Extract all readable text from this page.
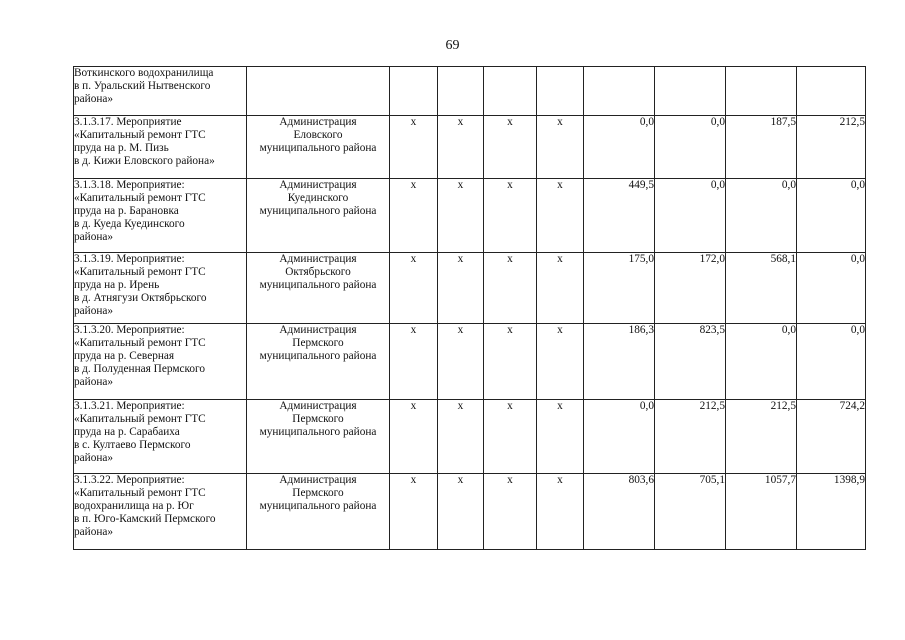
69
Воткинского водохранилища
в п. Уральский Нытвенского
района»									

3.1.3.17. Мероприятие
«Капитальный ремонт ГТС
пруда на р. М. Пизь
в д. Кижи Еловского района»	Администрация
Еловского
муниципального района	х	х	х	х	0,0	0,0	187,5	212,5

3.1.3.18. Мероприятие:
«Капитальный ремонт ГТС
пруда на р. Барановка
в д. Куеда Куединского
района»	Администрация
Куединского
муниципального района	х	х	х	х	449,5	0,0	0,0	0,0

3.1.3.19. Мероприятие:
«Капитальный ремонт ГТС
пруда на р. Ирень
в д. Атнягузи Октябрьского
района»	Администрация
Октябрьского
муниципального района	х	х	х	х	175,0	172,0	568,1	0,0

3.1.3.20. Мероприятие:
«Капитальный ремонт ГТС
пруда на р. Северная
в д. Полуденная Пермского
района»	Администрация
Пермского
муниципального района	х	х	х	х	186,3	823,5	0,0	0,0

3.1.3.21. Мероприятие:
«Капитальный ремонт ГТС
пруда на р. Сарабаиха
в с. Култаево Пермского
района»	Администрация
Пермского
муниципального района	х	х	х	х	0,0	212,5	212,5	724,2

3.1.3.22. Мероприятие:
«Капитальный ремонт ГТС
водохранилища на р. Юг
в п. Юго-Камский Пермского
района»	Администрация
Пермского
муниципального района	х	х	х	х	803,6	705,1	1057,7	1398,9
